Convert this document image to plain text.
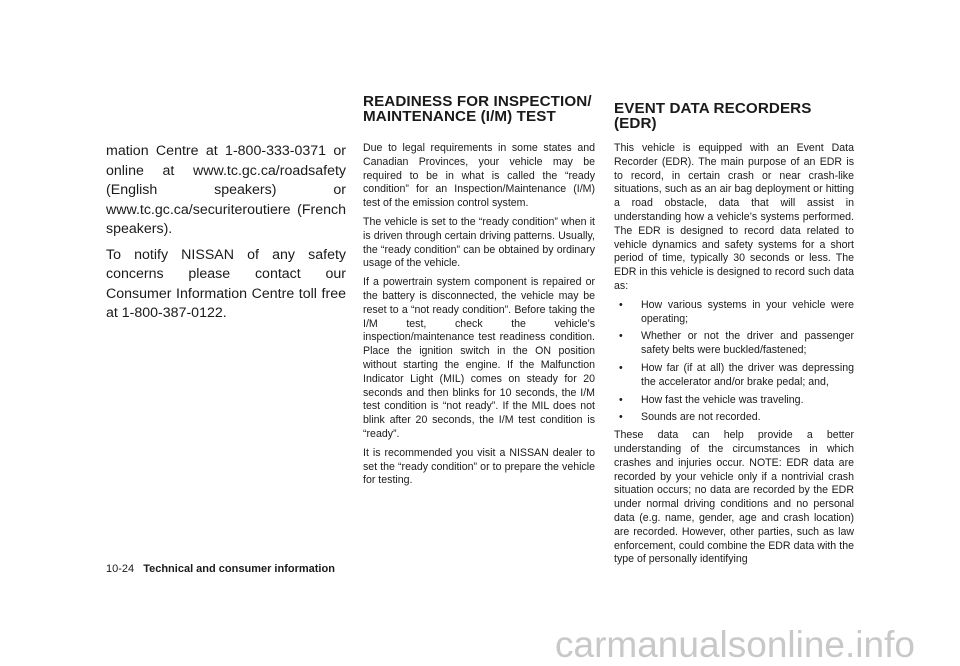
mation Centre at 1-800-333-0371 or online at www.tc.gc.ca/roadsafety (English speakers) or www.tc.gc.ca/securiteroutiere (French speakers).

To notify NISSAN of any safety concerns please contact our Consumer Information Centre toll free at 1-800-387-0122.

READINESS FOR INSPECTION/ MAINTENANCE (I/M) TEST

Due to legal requirements in some states and Canadian Provinces, your vehicle may be required to be in what is called the “ready condition” for an Inspection/Maintenance (I/M) test of the emission control system.

The vehicle is set to the “ready condition” when it is driven through certain driving patterns. Usually, the “ready condition” can be obtained by ordinary usage of the vehicle.

If a powertrain system component is repaired or the battery is disconnected, the vehicle may be reset to a “not ready condition”. Before taking the I/M test, check the vehicle’s inspection/maintenance test readiness condition. Place the ignition switch in the ON position without starting the engine. If the Malfunction Indicator Light (MIL) comes on steady for 20 seconds and then blinks for 10 seconds, the I/M test condition is “not ready”. If the MIL does not blink after 20 seconds, the I/M test condition is “ready”.

It is recommended you visit a NISSAN dealer to set the “ready condition” or to prepare the vehicle for testing.

EVENT DATA RECORDERS (EDR)

This vehicle is equipped with an Event Data Recorder (EDR). The main purpose of an EDR is to record, in certain crash or near crash-like situations, such as an air bag deployment or hitting a road obstacle, data that will assist in understanding how a vehicle’s systems performed. The EDR is designed to record data related to vehicle dynamics and safety systems for a short period of time, typically 30 seconds or less. The EDR in this vehicle is designed to record such data as:

• How various systems in your vehicle were operating;
• Whether or not the driver and passenger safety belts were buckled/fastened;
• How far (if at all) the driver was depressing the accelerator and/or brake pedal; and,
• How fast the vehicle was traveling.
• Sounds are not recorded.

These data can help provide a better understanding of the circumstances in which crashes and injuries occur. NOTE: EDR data are recorded by your vehicle only if a nontrivial crash situation occurs; no data are recorded by the EDR under normal driving conditions and no personal data (e.g. name, gender, age and crash location) are recorded. However, other parties, such as law enforcement, could combine the EDR data with the type of personally identifying

10-24 Technical and consumer information
carmanualsonline.info
